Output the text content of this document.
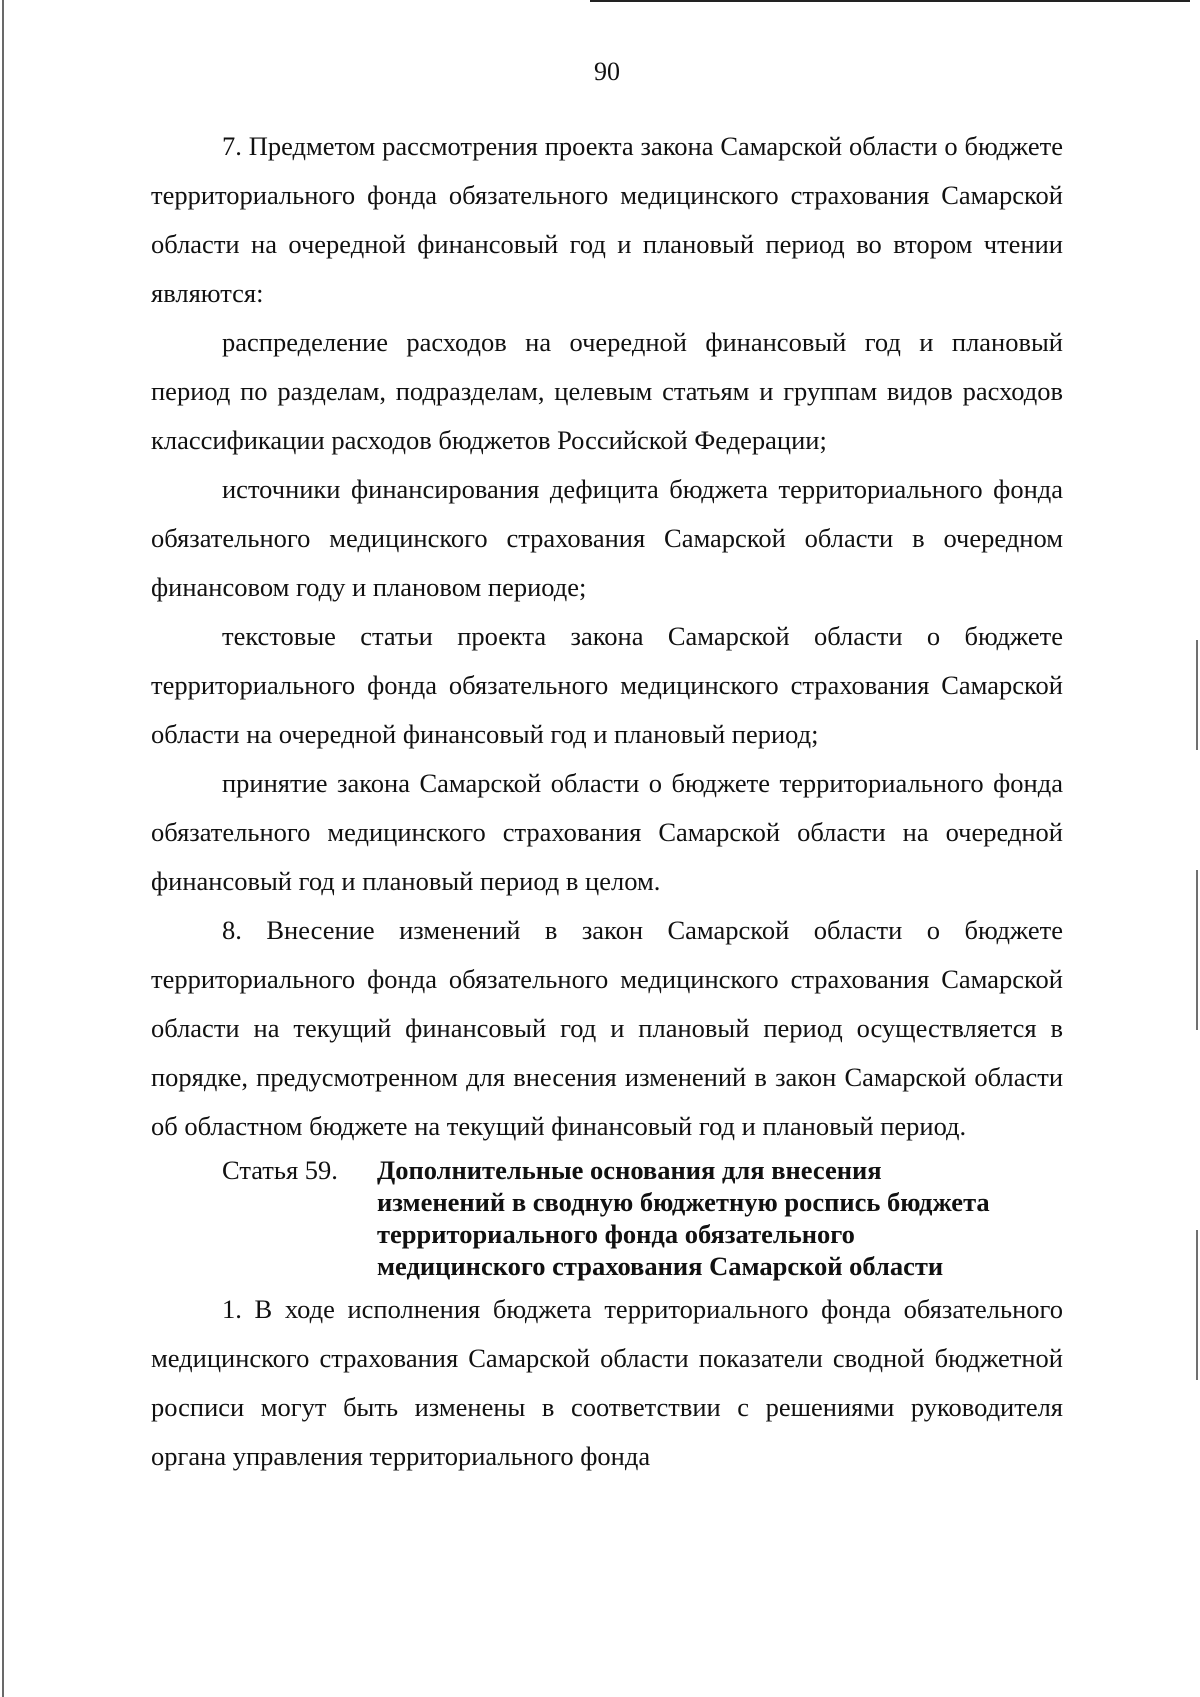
90

7. Предметом рассмотрения проекта закона Самарской области о бюджете территориального фонда обязательного медицинского страхования Самарской области на очередной финансовый год и плановый период во втором чтении являются:

распределение расходов на очередной финансовый год и плановый период по разделам, подразделам, целевым статьям и группам видов расходов классификации расходов бюджетов Российской Федерации;

источники финансирования дефицита бюджета территориального фонда обязательного медицинского страхования Самарской области в очередном финансовом году и плановом периоде;

текстовые статьи проекта закона Самарской области о бюджете территориального фонда обязательного медицинского страхования Самарской области на очередной финансовый год и плановый период;

принятие закона Самарской области о бюджете территориального фонда обязательного медицинского страхования Самарской области на очередной финансовый год и плановый период в целом.

8. Внесение изменений в закон Самарской области о бюджете территориального фонда обязательного медицинского страхования Самарской области на текущий финансовый год и плановый период осуществляется в порядке, предусмотренном для внесения изменений в закон Самарской области об областном бюджете на текущий финансовый год и плановый период.

Статья 59.	Дополнительные основания для внесения
изменений в сводную бюджетную роспись бюджета
территориального фонда обязательного
медицинского страхования Самарской области

1. В ходе исполнения бюджета территориального фонда обязательного медицинского страхования Самарской области показатели сводной бюджетной росписи могут быть изменены в соответствии с решениями руководителя органа управления территориального фонда
